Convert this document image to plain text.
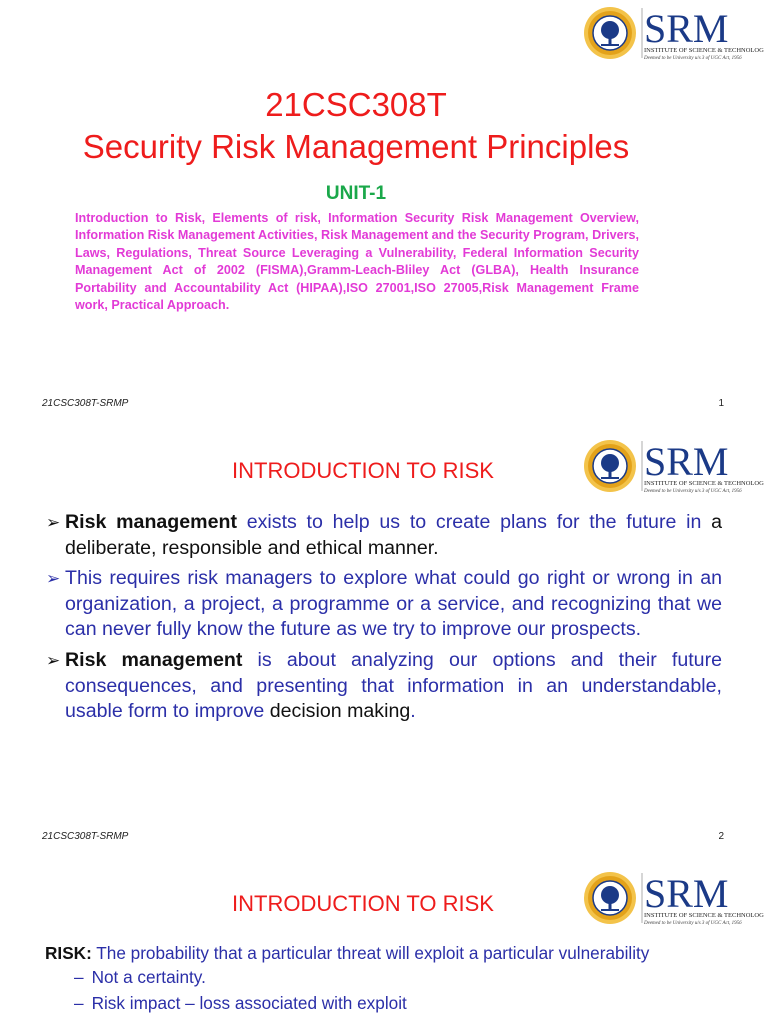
21CSC308T
Security Risk Management Principles
UNIT-1
Introduction to Risk, Elements of risk, Information Security Risk Management Overview, Information Risk Management Activities, Risk Management and the Security Program, Drivers, Laws, Regulations, Threat Source Leveraging a Vulnerability, Federal Information Security Management Act of 2002 (FISMA),Gramm-Leach-Bliley Act (GLBA), Health Insurance Portability and Accountability Act (HIPAA),ISO 27001,ISO 27005,Risk Management Frame work, Practical Approach.
21CSC308T-SRMP	1
INTRODUCTION TO RISK
➢ Risk management exists to help us to create plans for the future in a deliberate, responsible and ethical manner.
➢ This requires risk managers to explore what could go right or wrong in an organization, a project, a programme or a service, and recognizing that we can never fully know the future as we try to improve our prospects.
➢ Risk management is about analyzing our options and their future consequences, and presenting that information in an understandable, usable form to improve decision making.
21CSC308T-SRMP	2
INTRODUCTION TO RISK
RISK: The probability that a particular threat will exploit a particular vulnerability
– Not a certainty.
– Risk impact – loss associated with exploit
